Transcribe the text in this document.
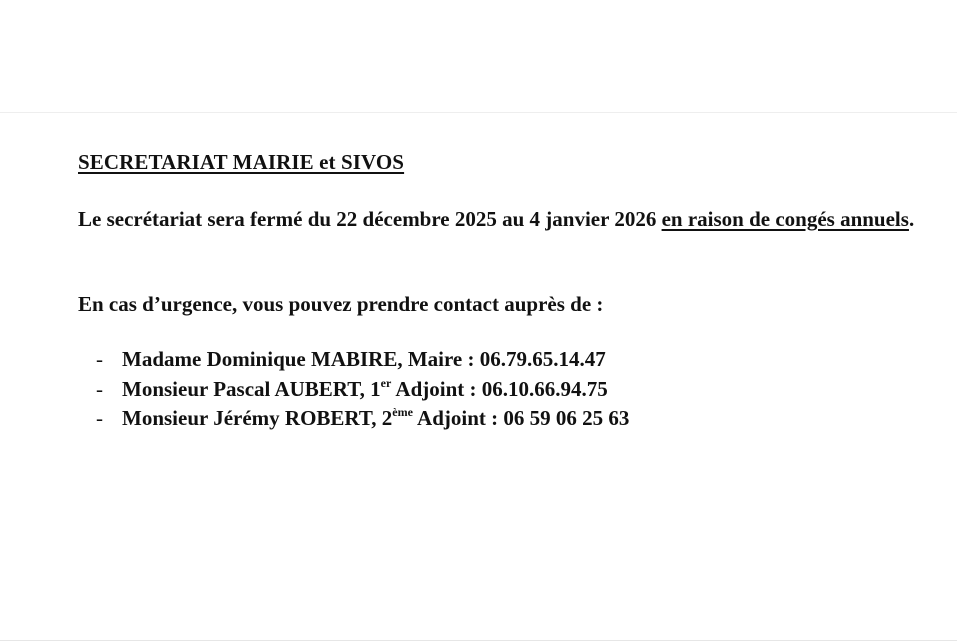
SECRETARIAT MAIRIE et SIVOS

Le secrétariat sera fermé du 22 décembre 2025 au 4 janvier 2026 en raison de congés annuels.

En cas d’urgence, vous pouvez prendre contact auprès de :

- Madame Dominique MABIRE, Maire : 06.79.65.14.47
- Monsieur Pascal AUBERT, 1er Adjoint : 06.10.66.94.75
- Monsieur Jérémy ROBERT, 2ème Adjoint : 06 59 06 25 63
